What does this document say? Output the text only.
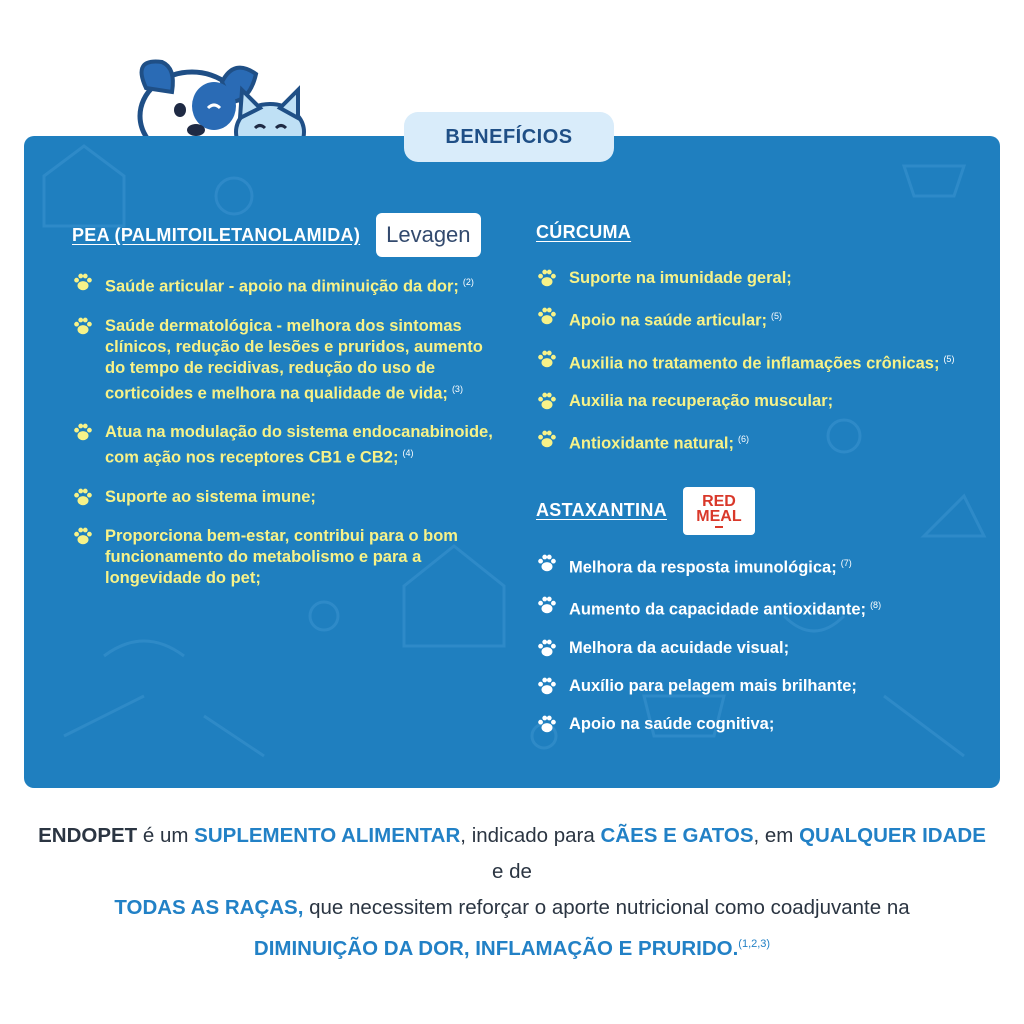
BENEFÍCIOS
PEA (PALMITOILETANOLAMIDA) Levagen
Saúde articular - apoio na diminuição da dor; $^{(2)}$
Saúde dermatológica - melhora dos sintomas clínicos, redução de lesões e pruridos, aumento do tempo de recidivas, redução do uso de corticoides e melhora na qualidade de vida; $^{(3)}$
Atua na modulação do sistema endocanabinoide, com ação nos receptores CB1 e CB2; $^{(4)}$
Suporte ao sistema imune;
Proporciona bem-estar, contribui para o bom funcionamento do metabolismo e para a longevidade do pet;
CÚRCUMA
Suporte na imunidade geral;
Apoio na saúde articular; $^{(5)}$
Auxilia no tratamento de inflamações crônicas; $^{(5)}$
Auxilia na recuperação muscular;
Antioxidante natural; $^{(6)}$
ASTAXANTINA RED
MEAL
Melhora da resposta imunológica; $^{(7)}$
Aumento da capacidade antioxidante; $^{(8)}$
Melhora da acuidade visual;
Auxílio para pelagem mais brilhante;
Apoio na saúde cognitiva;
ENDOPET é um SUPLEMENTO ALIMENTAR, indicado para CÃES E GATOS, em QUALQUER IDADE e de
TODAS AS RAÇAS, que necessitem reforçar o aporte nutricional como coadjuvante na
DIMINUIÇÃO DA DOR, INFLAMAÇÃO E PRURIDO.$^{(1,2,3)}$
